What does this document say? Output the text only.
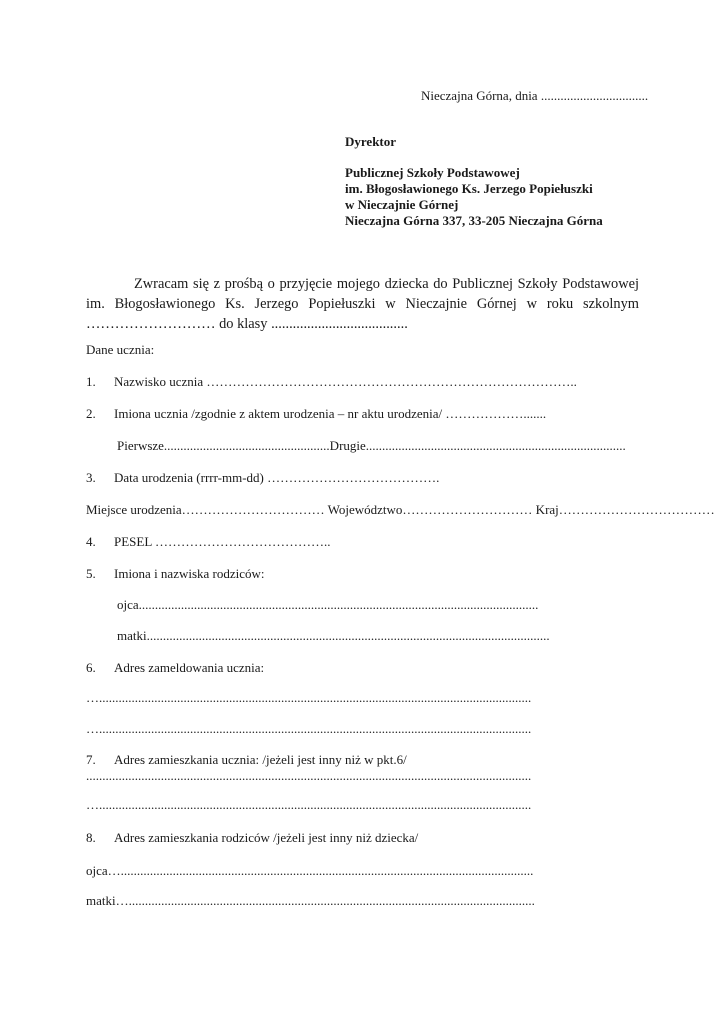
Nieczajna Górna, dnia .................................
Dyrektor
Publicznej Szkoły Podstawowej
im. Błogosławionego Ks. Jerzego Popiełuszki
w Nieczajnie Górnej
Nieczajna Górna 337, 33-205 Nieczajna Górna

Zwracam się z prośbą o przyjęcie mojego dziecka do Publicznej Szkoły Podstawowej im. Błogosławionego Ks. Jerzego Popiełuszki w Nieczajnie Górnej w roku szkolnym ……………………… do klasy ......................................

Dane ucznia:
1. Nazwisko ucznia …………………………………………………………………………..
2. Imiona ucznia /zgodnie z aktem urodzenia – nr aktu urodzenia/ ……………….......
Pierwsze...................................................Drugie................................................................................
3. Data urodzenia (rrrr-mm-dd) ………………………………….
Miejsce urodzenia…………………………… Województwo………………………… Kraj………………………………
4. PESEL …………………………………..
5. Imiona i nazwiska rodziców:
ojca...........................................................................................................................
matki............................................................................................................................
6. Adres zameldowania ucznia:
….....................................................................................................................................
….....................................................................................................................................
7. Adres zamieszkania ucznia: /jeżeli jest inny niż w pkt.6/
.........................................................................................................................................
….....................................................................................................................................
8. Adres zamieszkania rodziców /jeżeli jest inny niż dziecka/
ojca…...............................................................................................................................
matki….............................................................................................................................
